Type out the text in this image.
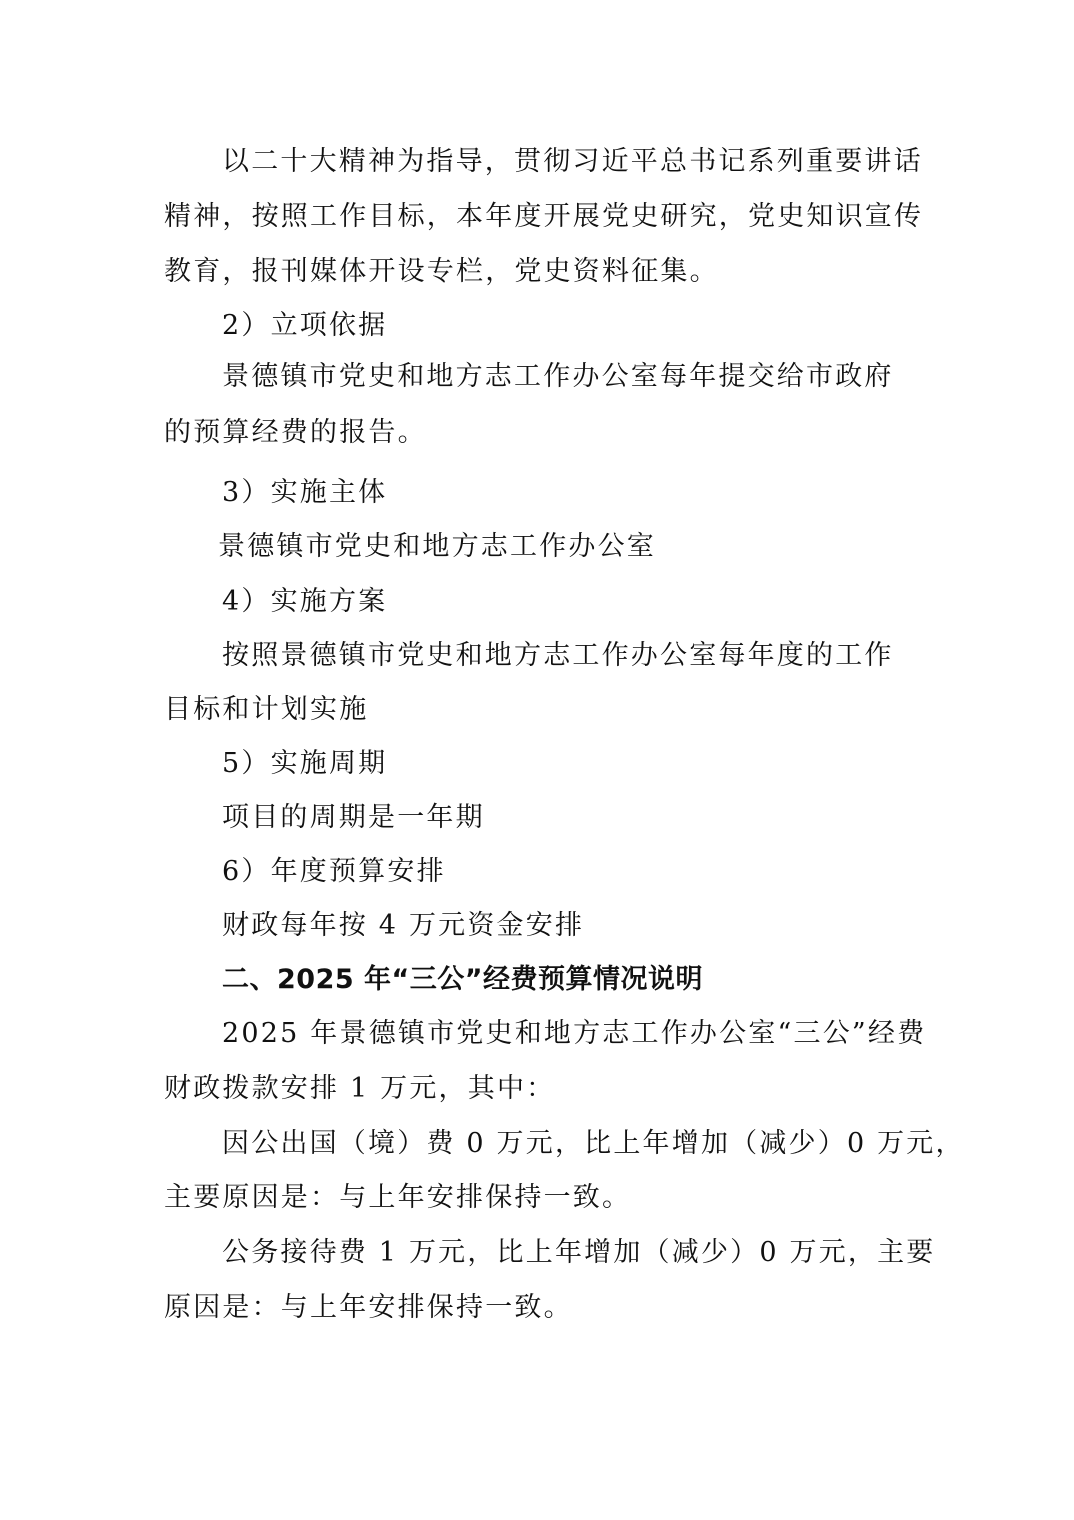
以二十大精神为指导，贯彻习近平总书记系列重要讲话
精神，按照工作目标，本年度开展党史研究，党史知识宣传
教育，报刊媒体开设专栏，党史资料征集。
2）立项依据
景德镇市党史和地方志工作办公室每年提交给市政府
的预算经费的报告。
3）实施主体
景德镇市党史和地方志工作办公室
4）实施方案
按照景德镇市党史和地方志工作办公室每年度的工作
目标和计划实施
5）实施周期
项目的周期是一年期
6）年度预算安排
财政每年按 4 万元资金安排
二、2025 年“三公”经费预算情况说明
2025 年景德镇市党史和地方志工作办公室“三公”经费
财政拨款安排 1 万元，其中：
因公出国（境）费 0 万元，比上年增加（减少）0 万元，
主要原因是：与上年安排保持一致。
公务接待费 1 万元，比上年增加（减少）0 万元，主要
原因是：与上年安排保持一致。
